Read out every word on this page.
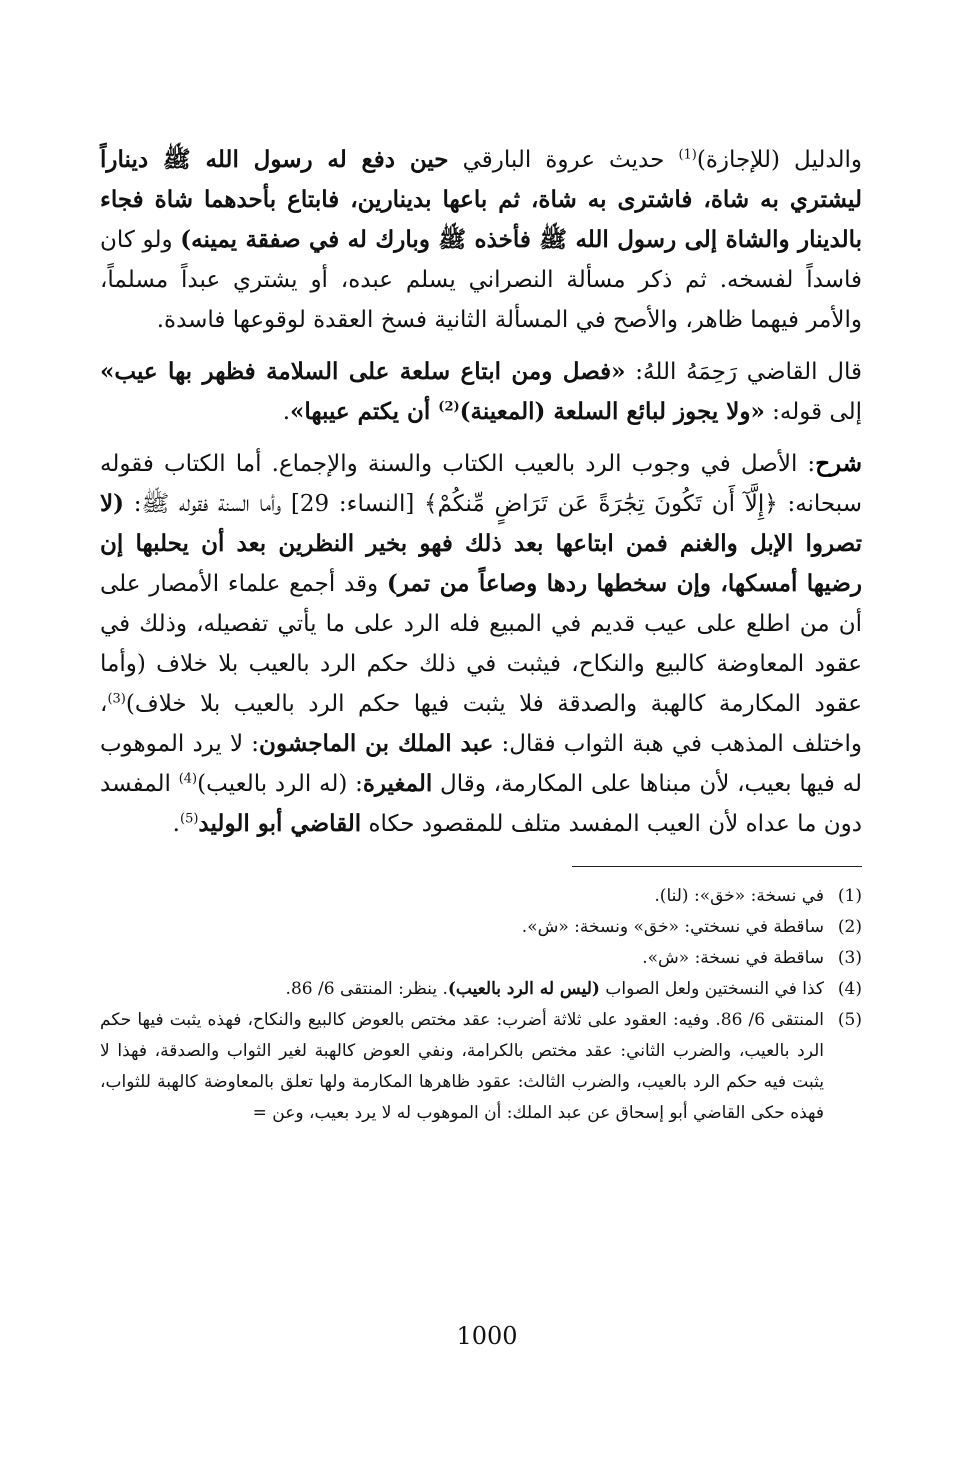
والدليل (للإجازة)$^{(1)}$ حديث عروة البارقي حين دفع له رسول الله ﷺ ديناراً ليشتري به شاة، فاشترى به شاة، ثم باعها بدينارين، فابتاع بأحدهما شاة فجاء بالدينار والشاة إلى رسول الله ﷺ فأخذه ﷺ وبارك له في صفقة يمينه) ولو كان فاسداً لفسخه. ثم ذكر مسألة النصراني يسلم عبده، أو يشتري عبداً مسلماً، والأمر فيهما ظاهر، والأصح في المسألة الثانية فسخ العقدة لوقوعها فاسدة.

قال القاضي رَحِمَهُ اللهُ: «فصل ومن ابتاع سلعة على السلامة فظهر بها عيب» إلى قوله: «ولا يجوز لبائع السلعة (المعينة)$^{(2)}$ أن يكتم عيبها».

شرح: الأصل في وجوب الرد بالعيب الكتاب والسنة والإجماع. أما الكتاب فقوله سبحانه: ﴿إِلَّآ أَن تَكُونَ تِجَٰرَةً عَن تَرَاضٍ مِّنكُمْ﴾ [النساء: 29] وأما السنة فقوله ﷺ: (لا تصروا الإبل والغنم فمن ابتاعها بعد ذلك فهو بخير النظرين بعد أن يحلبها إن رضيها أمسكها، وإن سخطها ردها وصاعاً من تمر) وقد أجمع علماء الأمصار على أن من اطلع على عيب قديم في المبيع فله الرد على ما يأتي تفصيله، وذلك في عقود المعاوضة كالبيع والنكاح، فيثبت في ذلك حكم الرد بالعيب بلا خلاف (وأما عقود المكارمة كالهبة والصدقة فلا يثبت فيها حكم الرد بالعيب بلا خلاف)$^{(3)}$، واختلف المذهب في هبة الثواب فقال: عبد الملك بن الماجشون: لا يرد الموهوب له فيها بعيب، لأن مبناها على المكارمة، وقال المغيرة: (له الرد بالعيب)$^{(4)}$ المفسد دون ما عداه لأن العيب المفسد متلف للمقصود حكاه القاضي أبو الوليد$^{(5)}$.

(1)
في نسخة: «خق»: (لنا).
(2)
ساقطة في نسختي: «خق» ونسخة: «ش».
(3)
ساقطة في نسخة: «ش».
(4)
كذا في النسختين ولعل الصواب (ليس له الرد بالعيب). ينظر: المنتقى 6/ 86.
(5)
المنتقى 6/ 86. وفيه: العقود على ثلاثة أضرب: عقد مختص بالعوض كالبيع والنكاح، فهذه يثبت فيها حكم الرد بالعيب، والضرب الثاني: عقد مختص بالكرامة، ونفي العوض كالهبة لغير الثواب والصدقة، فهذا لا يثبت فيه حكم الرد بالعيب، والضرب الثالث: عقود ظاهرها المكارمة ولها تعلق بالمعاوضة كالهبة للثواب، فهذه حكى القاضي أبو إسحاق عن عبد الملك: أن الموهوب له لا يرد بعيب، وعن =
1000
